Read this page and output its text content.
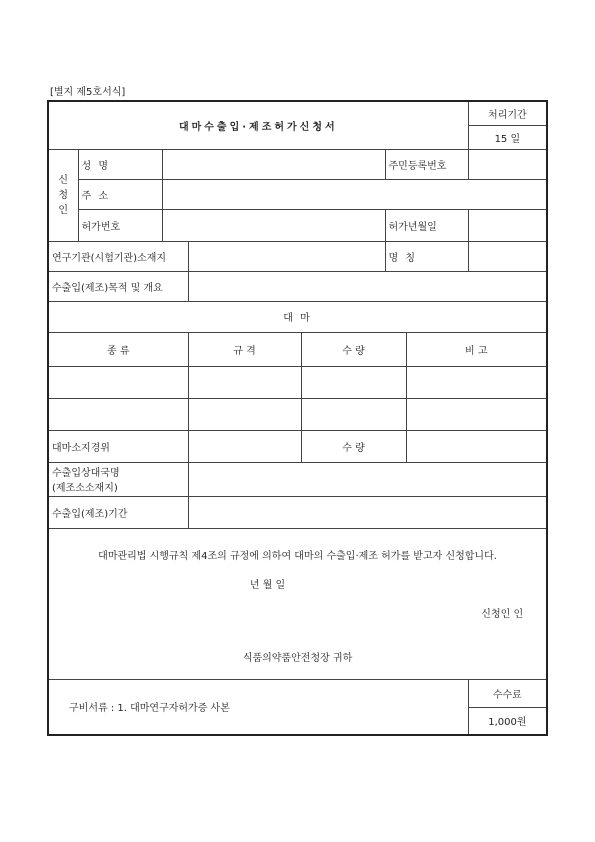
[별지 제5호서식]
대마수출입·제조허가신청서							처리기간
							15 일

신
청
인	성 명				주민등록번호		
	주 소						
	허가번호				허가년월일		
연구기관(시험기관)소재지					명 칭		
수출입(제조)목적 및 개요							
대 마							
종 류			규 격	수 량		비 고	

대마소지경위				수 량			

수출입상대국명
(제조소소재지)							

수출입(제조)기간							

대마관리법 시행규칙 제4조의 규정에 의하여 대마의 수출입·제조 허가를 받고자 신청합니다.
년 월 일
신청인 인
식품의약품안전청장 귀하							

구비서류 : 1. 대마연구자허가증 사본							수수료
							1,000원
